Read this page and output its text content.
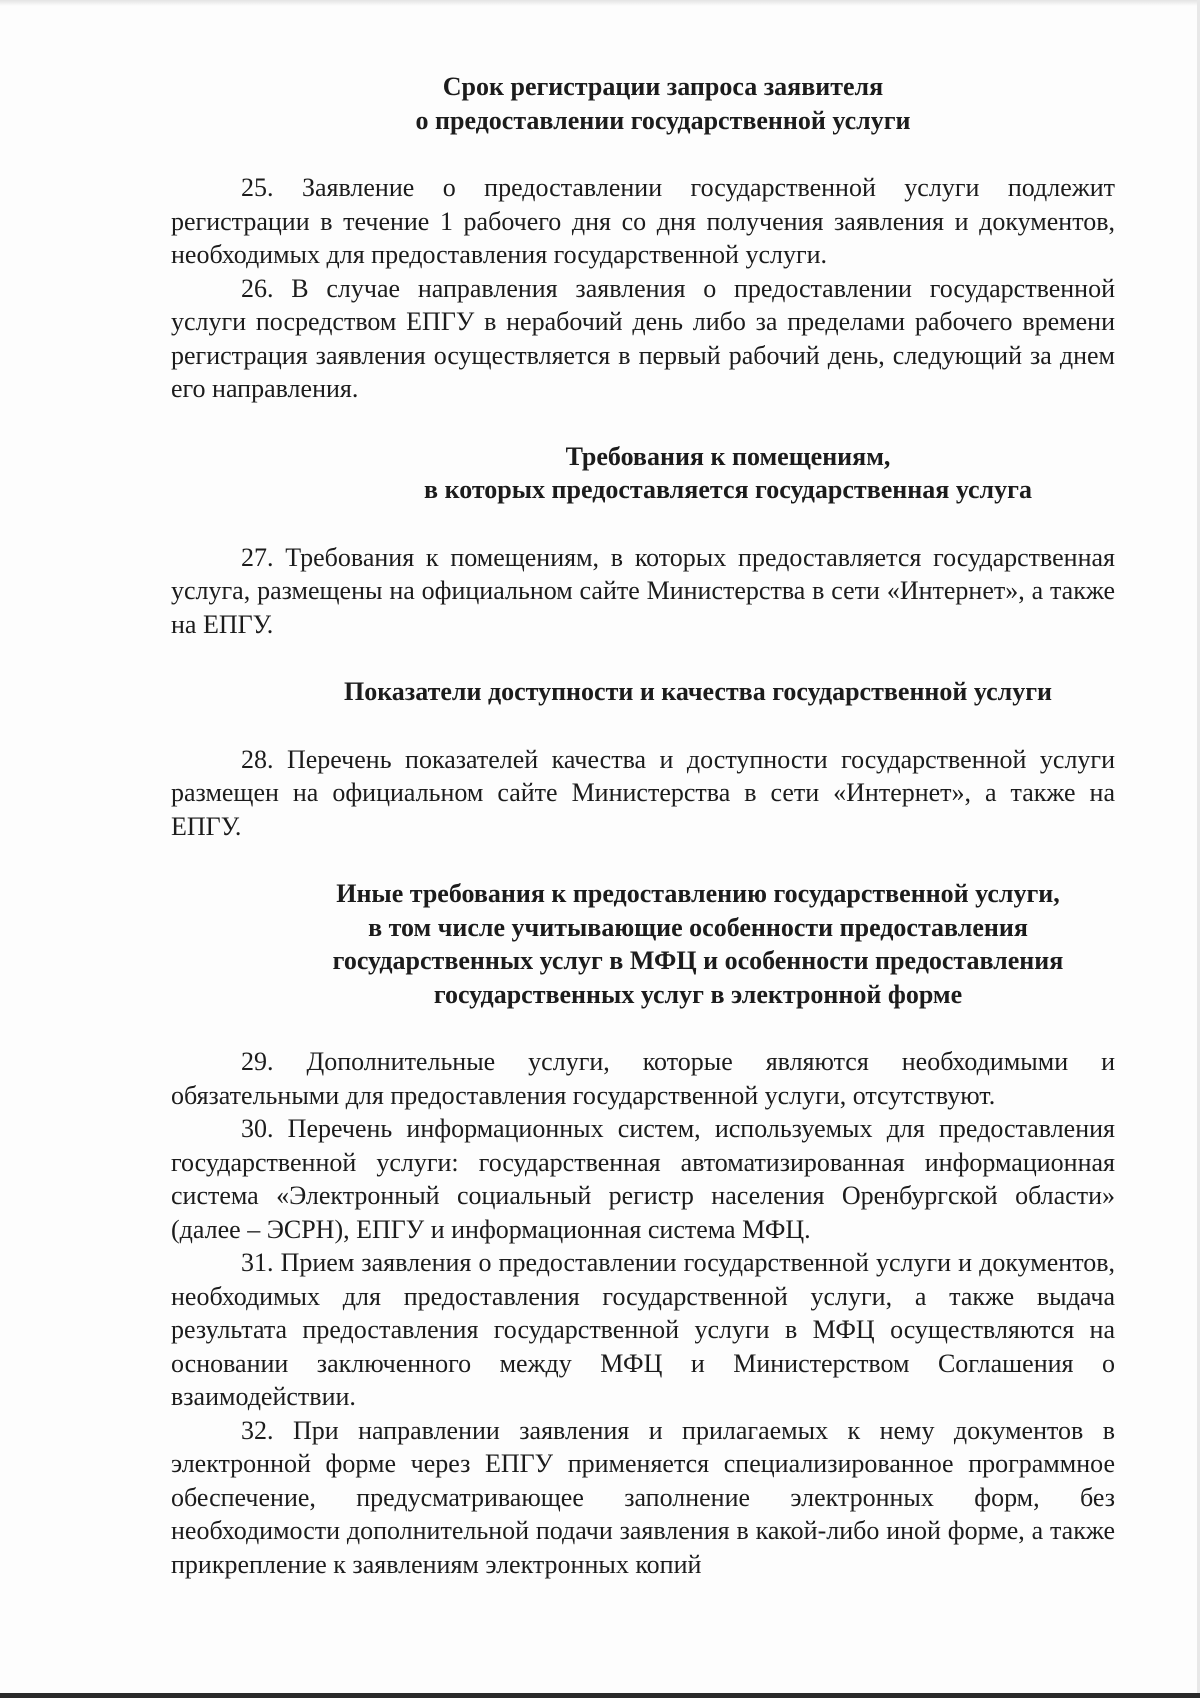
Срок регистрации запроса заявителя
о предоставлении государственной услуги

25. Заявление о предоставлении государственной услуги подлежит регистрации в течение 1 рабочего дня со дня получения заявления и документов, необходимых для предоставления государственной услуги.

26. В случае направления заявления о предоставлении государственной услуги посредством ЕПГУ в нерабочий день либо за пределами рабочего времени регистрация заявления осуществляется в первый рабочий день, следующий за днем его направления.

Требования к помещениям,
в которых предоставляется государственная услуга

27. Требования к помещениям, в которых предоставляется государственная услуга, размещены на официальном сайте Министерства в сети «Интернет», а также на ЕПГУ.

Показатели доступности и качества государственной услуги

28. Перечень показателей качества и доступности государственной услуги размещен на официальном сайте Министерства в сети «Интернет», а также на ЕПГУ.

Иные требования к предоставлению государственной услуги,
в том числе учитывающие особенности предоставления
государственных услуг в МФЦ и особенности предоставления
государственных услуг в электронной форме

29. Дополнительные услуги, которые являются необходимыми и обязательными для предоставления государственной услуги, отсутствуют.

30. Перечень информационных систем, используемых для предоставления государственной услуги: государственная автоматизированная информационная система «Электронный социальный регистр населения Оренбургской области» (далее – ЭСРН), ЕПГУ и информационная система МФЦ.

31. Прием заявления о предоставлении государственной услуги и документов, необходимых для предоставления государственной услуги, а также выдача результата предоставления государственной услуги в МФЦ осуществляются на основании заключенного между МФЦ и Министерством Соглашения о взаимодействии.

32. При направлении заявления и прилагаемых к нему документов в электронной форме через ЕПГУ применяется специализированное программное обеспечение, предусматривающее заполнение электронных форм, без необходимости дополнительной подачи заявления в какой-либо иной форме, а также прикрепление к заявлениям электронных копий
